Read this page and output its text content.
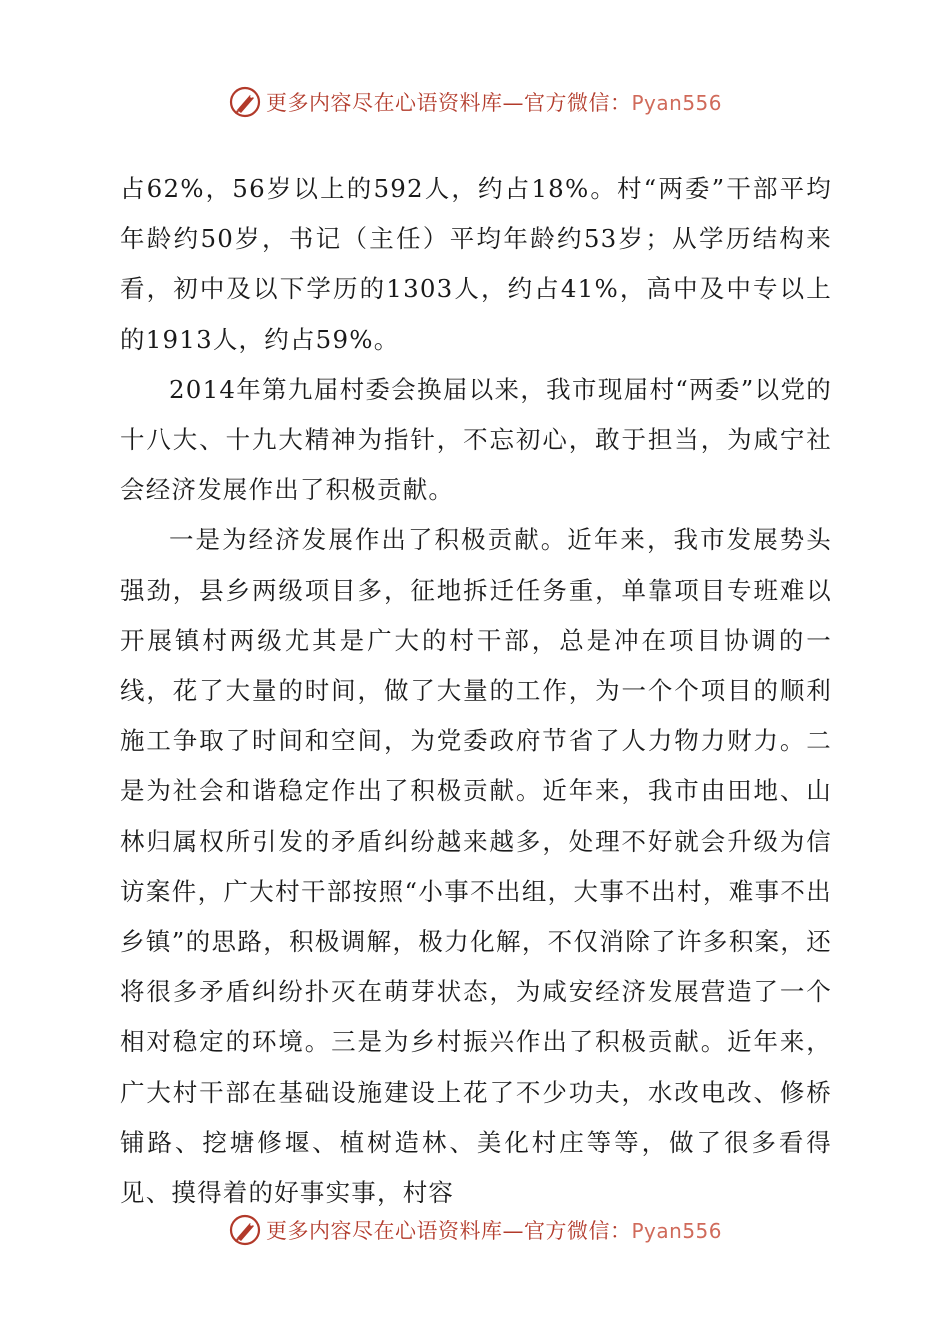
更多内容尽在心语资料库—官方微信：Pyan556

占62%，56岁以上的592人，约占18%。村“两委”干部平均年龄约50岁，书记（主任）平均年龄约53岁；从学历结构来看，初中及以下学历的1303人，约占41%，高中及中专以上的1913人，约占59%。

2014年第九届村委会换届以来，我市现届村“两委”以党的十八大、十九大精神为指针，不忘初心，敢于担当，为咸宁社会经济发展作出了积极贡献。

一是为经济发展作出了积极贡献。近年来，我市发展势头强劲，县乡两级项目多，征地拆迁任务重，单靠项目专班难以开展镇村两级尤其是广大的村干部，总是冲在项目协调的一线，花了大量的时间，做了大量的工作，为一个个项目的顺利施工争取了时间和空间，为党委政府节省了人力物力财力。二是为社会和谐稳定作出了积极贡献。近年来，我市由田地、山林归属权所引发的矛盾纠纷越来越多，处理不好就会升级为信访案件，广大村干部按照“小事不出组，大事不出村，难事不出乡镇”的思路，积极调解，极力化解，不仅消除了许多积案，还将很多矛盾纠纷扑灭在萌芽状态，为咸安经济发展营造了一个相对稳定的环境。三是为乡村振兴作出了积极贡献。近年来，广大村干部在基础设施建设上花了不少功夫，水改电改、修桥铺路、挖塘修堰、植树造林、美化村庄等等，做了很多看得见、摸得着的好事实事，村容

更多内容尽在心语资料库—官方微信：Pyan556
